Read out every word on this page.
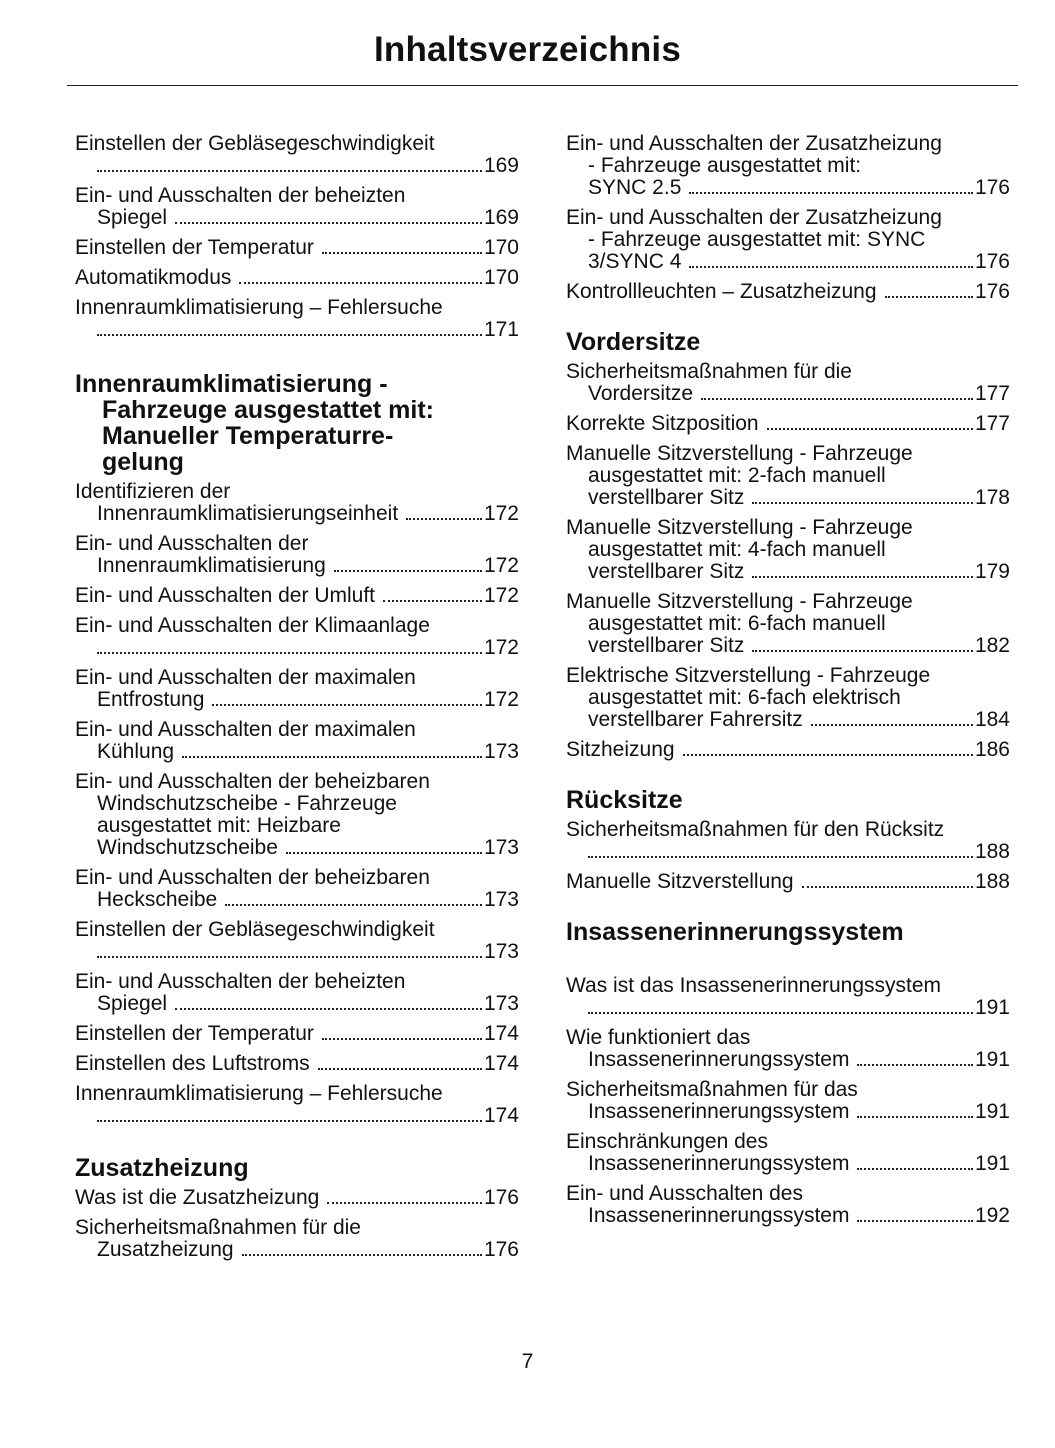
Inhaltsverzeichnis
Einstellen der Gebläsegeschwindigkeit
169
Ein- und Ausschalten der beheizten
Spiegel	169
Einstellen der Temperatur	170
Automatikmodus	170
Innenraumklimatisierung – Fehlersuche
171
Innenraumklimatisierung -
Fahrzeuge ausgestattet mit:
Manueller Temperaturre-
gelung
Identifizieren der
Innenraumklimatisierungseinheit	172
Ein- und Ausschalten der
Innenraumklimatisierung	172
Ein- und Ausschalten der Umluft	172
Ein- und Ausschalten der Klimaanlage
172
Ein- und Ausschalten der maximalen
Entfrostung	172
Ein- und Ausschalten der maximalen
Kühlung	173
Ein- und Ausschalten der beheizbaren
Windschutzscheibe - Fahrzeuge
ausgestattet mit: Heizbare
Windschutzscheibe	173
Ein- und Ausschalten der beheizbaren
Heckscheibe	173
Einstellen der Gebläsegeschwindigkeit
173
Ein- und Ausschalten der beheizten
Spiegel	173
Einstellen der Temperatur	174
Einstellen des Luftstroms	174
Innenraumklimatisierung – Fehlersuche
174
Zusatzheizung
Was ist die Zusatzheizung	176
Sicherheitsmaßnahmen für die
Zusatzheizung	176
Ein- und Ausschalten der Zusatzheizung
- Fahrzeuge ausgestattet mit:
SYNC 2.5	176
Ein- und Ausschalten der Zusatzheizung
- Fahrzeuge ausgestattet mit: SYNC
3/SYNC 4	176
Kontrollleuchten – Zusatzheizung	176
Vordersitze
Sicherheitsmaßnahmen für die
Vordersitze	177
Korrekte Sitzposition	177
Manuelle Sitzverstellung - Fahrzeuge
ausgestattet mit: 2-fach manuell
verstellbarer Sitz	178
Manuelle Sitzverstellung - Fahrzeuge
ausgestattet mit: 4-fach manuell
verstellbarer Sitz	179
Manuelle Sitzverstellung - Fahrzeuge
ausgestattet mit: 6-fach manuell
verstellbarer Sitz	182
Elektrische Sitzverstellung - Fahrzeuge
ausgestattet mit: 6-fach elektrisch
verstellbarer Fahrersitz	184
Sitzheizung	186
Rücksitze
Sicherheitsmaßnahmen für den Rücksitz
188
Manuelle Sitzverstellung	188
Insassenerinnerungssystem
Was ist das Insassenerinnerungssystem
191
Wie funktioniert das
Insassenerinnerungssystem	191
Sicherheitsmaßnahmen für das
Insassenerinnerungssystem	191
Einschränkungen des
Insassenerinnerungssystem	191
Ein- und Ausschalten des
Insassenerinnerungssystem	192
7
